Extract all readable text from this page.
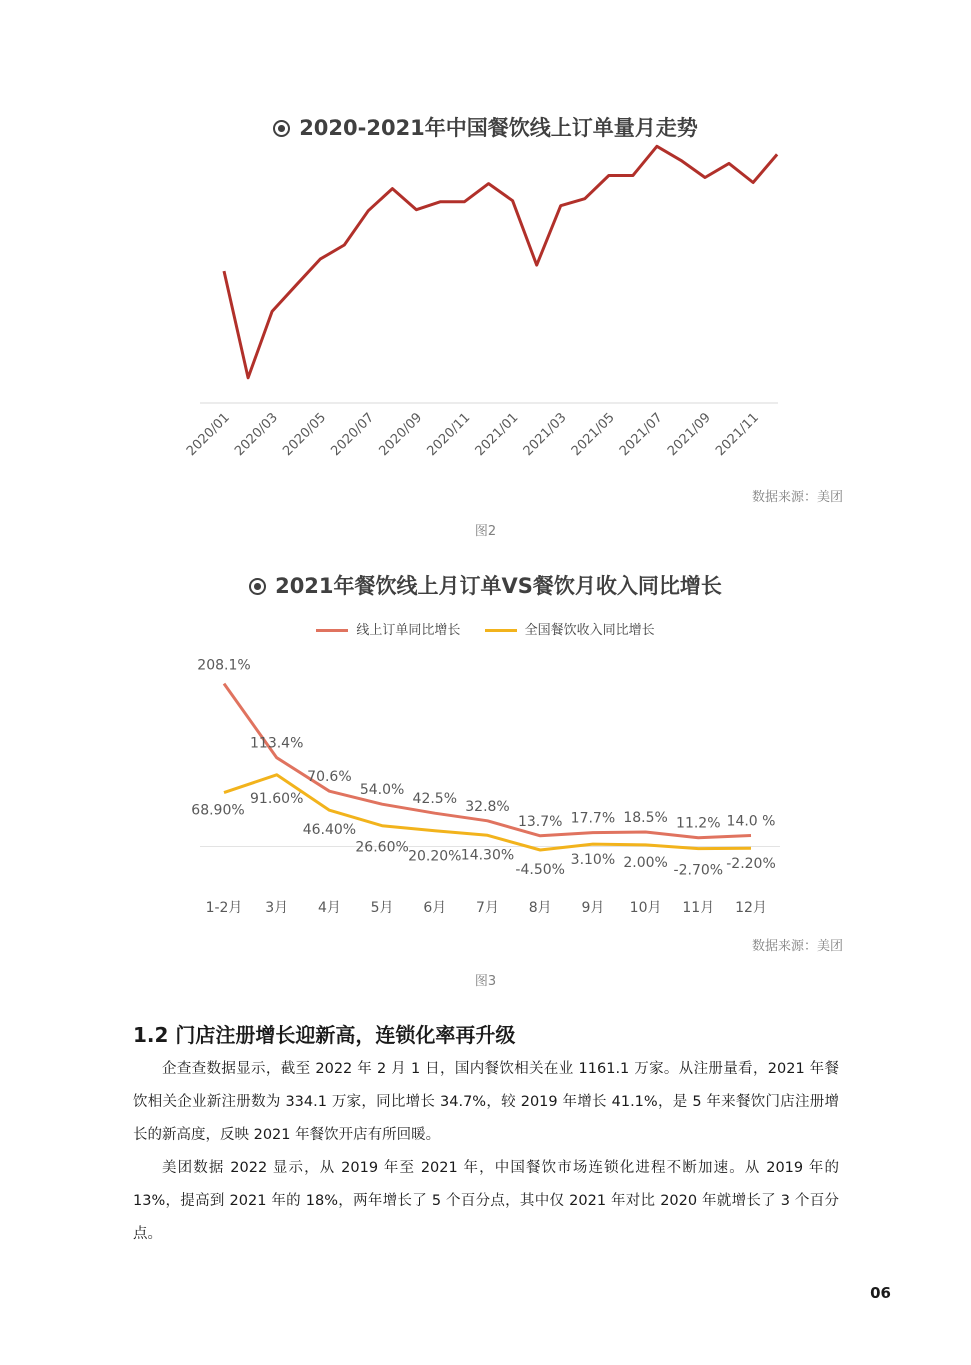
2020-2021年中国餐饮线上订单量月走势
2020/01 2020/03 2020/05 2020/07 2020/09 2020/11 2021/01 2021/03 2021/05 2021/07 2021/09 2021/11
数据来源：美团
图2
2021年餐饮线上月订单VS餐饮月收入同比增长
线上订单同比增长	全国餐饮收入同比增长
208.1%
113.4%
70.6%
54.0%
42.5% 32.8%
13.7% 17.7% 18.5% 11.2% 14.0 %
68.90%
91.60%
46.40%
26.60%
20.20% 14.30%
-4.50%
3.10% 2.00% -2.70% -2.20%
1-2月 3月 4月 5月 6月 7月 8月 9月 10月 11月 12月
数据来源：美团
图3
1.2 门店注册增长迎新高，连锁化率再升级
企查查数据显示，截至 2022 年 2 月 1 日，国内餐饮相关在业 1161.1 万家。从注册量看，2021 年餐饮相关企业新注册数为 334.1 万家，同比增长 34.7%，较 2019 年增长 41.1%，是 5 年来餐饮门店注册增长的新高度，反映 2021 年餐饮开店有所回暖。
美团数据 2022 显示，从 2019 年至 2021 年，中国餐饮市场连锁化进程不断加速。从 2019 年的 13%，提高到 2021 年的 18%，两年增长了 5 个百分点，其中仅 2021 年对比 2020 年就增长了 3 个百分点。
06
